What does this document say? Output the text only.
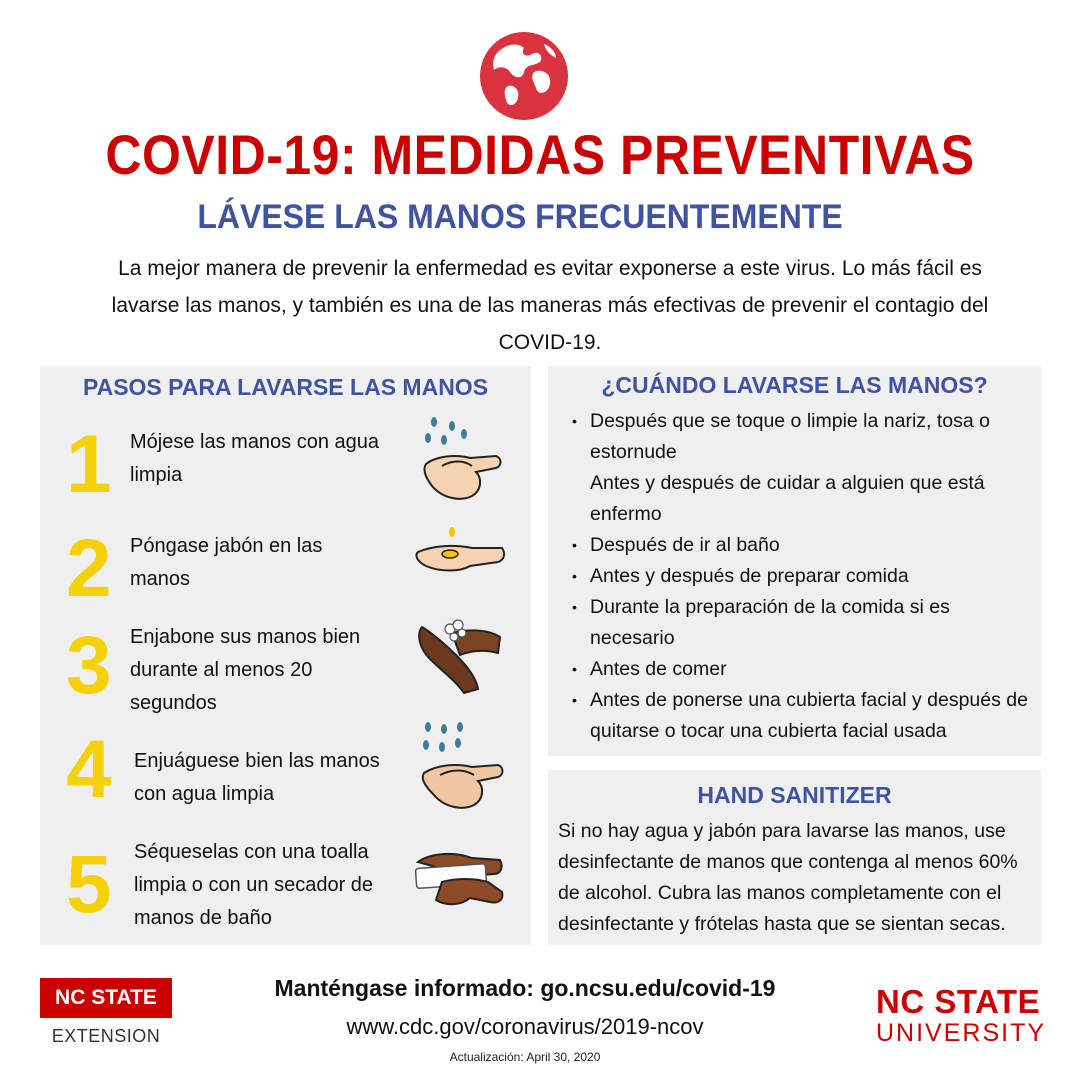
COVID-19: MEDIDAS PREVENTIVAS
LÁVESE LAS MANOS FRECUENTEMENTE
La mejor manera de prevenir la enfermedad es evitar exponerse a este virus. Lo más fácil es lavarse las manos, y también es una de las maneras más efectivas de prevenir el contagio del COVID-19.
PASOS PARA LAVARSE LAS MANOS
1 Mójese las manos con agua limpia
2 Póngase jabón en las manos
3 Enjabone sus manos bien durante al menos 20 segundos
4 Enjuáguese bien las manos con agua limpia
5 Séqueselas con una toalla limpia o con un secador de manos de baño
¿CUÁNDO LAVARSE LAS MANOS?
• Después que se toque o limpie la nariz, tosa o estornude
Antes y después de cuidar a alguien que está enfermo
• Después de ir al baño
• Antes y después de preparar comida
• Durante la preparación de la comida si es necesario
• Antes de comer
• Antes de ponerse una cubierta facial y después de quitarse o tocar una cubierta facial usada
HAND SANITIZER
Si no hay agua y jabón para lavarse las manos, use desinfectante de manos que contenga al menos 60% de alcohol. Cubra las manos completamente con el desinfectante y frótelas hasta que se sientan secas.
NC STATE
EXTENSION
Manténgase informado: go.ncsu.edu/covid-19
www.cdc.gov/coronavirus/2019-ncov
Actualización: April 30, 2020
NC STATE
UNIVERSITY
